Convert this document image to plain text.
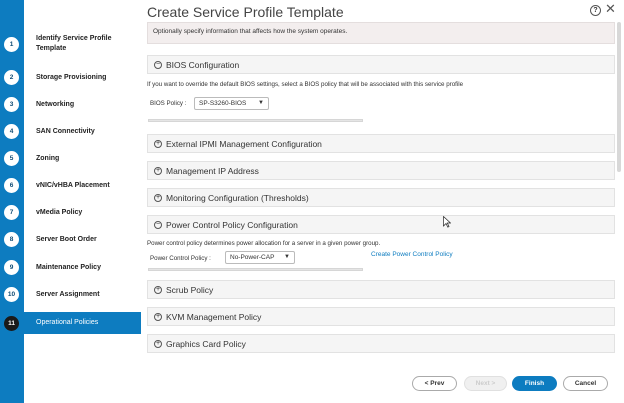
1
Identify Service Profile Template
2	Storage Provisioning
3	Networking
4	SAN Connectivity
5	Zoning
6	vNIC/vHBA Placement
7	vMedia Policy
8	Server Boot Order
9	Maintenance Policy
10	Server Assignment
11	Operational Policies
Create Service Profile Template	? ✕
Optionally specify information that affects how the system operates.
− BIOS Configuration
If you want to override the default BIOS settings, select a BIOS policy that will be associated with this service profile
BIOS Policy : SP-S3260-BIOS ▼
+ External IPMI Management Configuration
+ Management IP Address
+ Monitoring Configuration (Thresholds)
− Power Control Policy Configuration
Power control policy determines power allocation for a server in a given power group.
Power Control Policy :	No-Power-CAP ▼	Create Power Control Policy
+ Scrub Policy
+ KVM Management Policy
+ Graphics Card Policy
< Prev	Next >	Finish	Cancel
